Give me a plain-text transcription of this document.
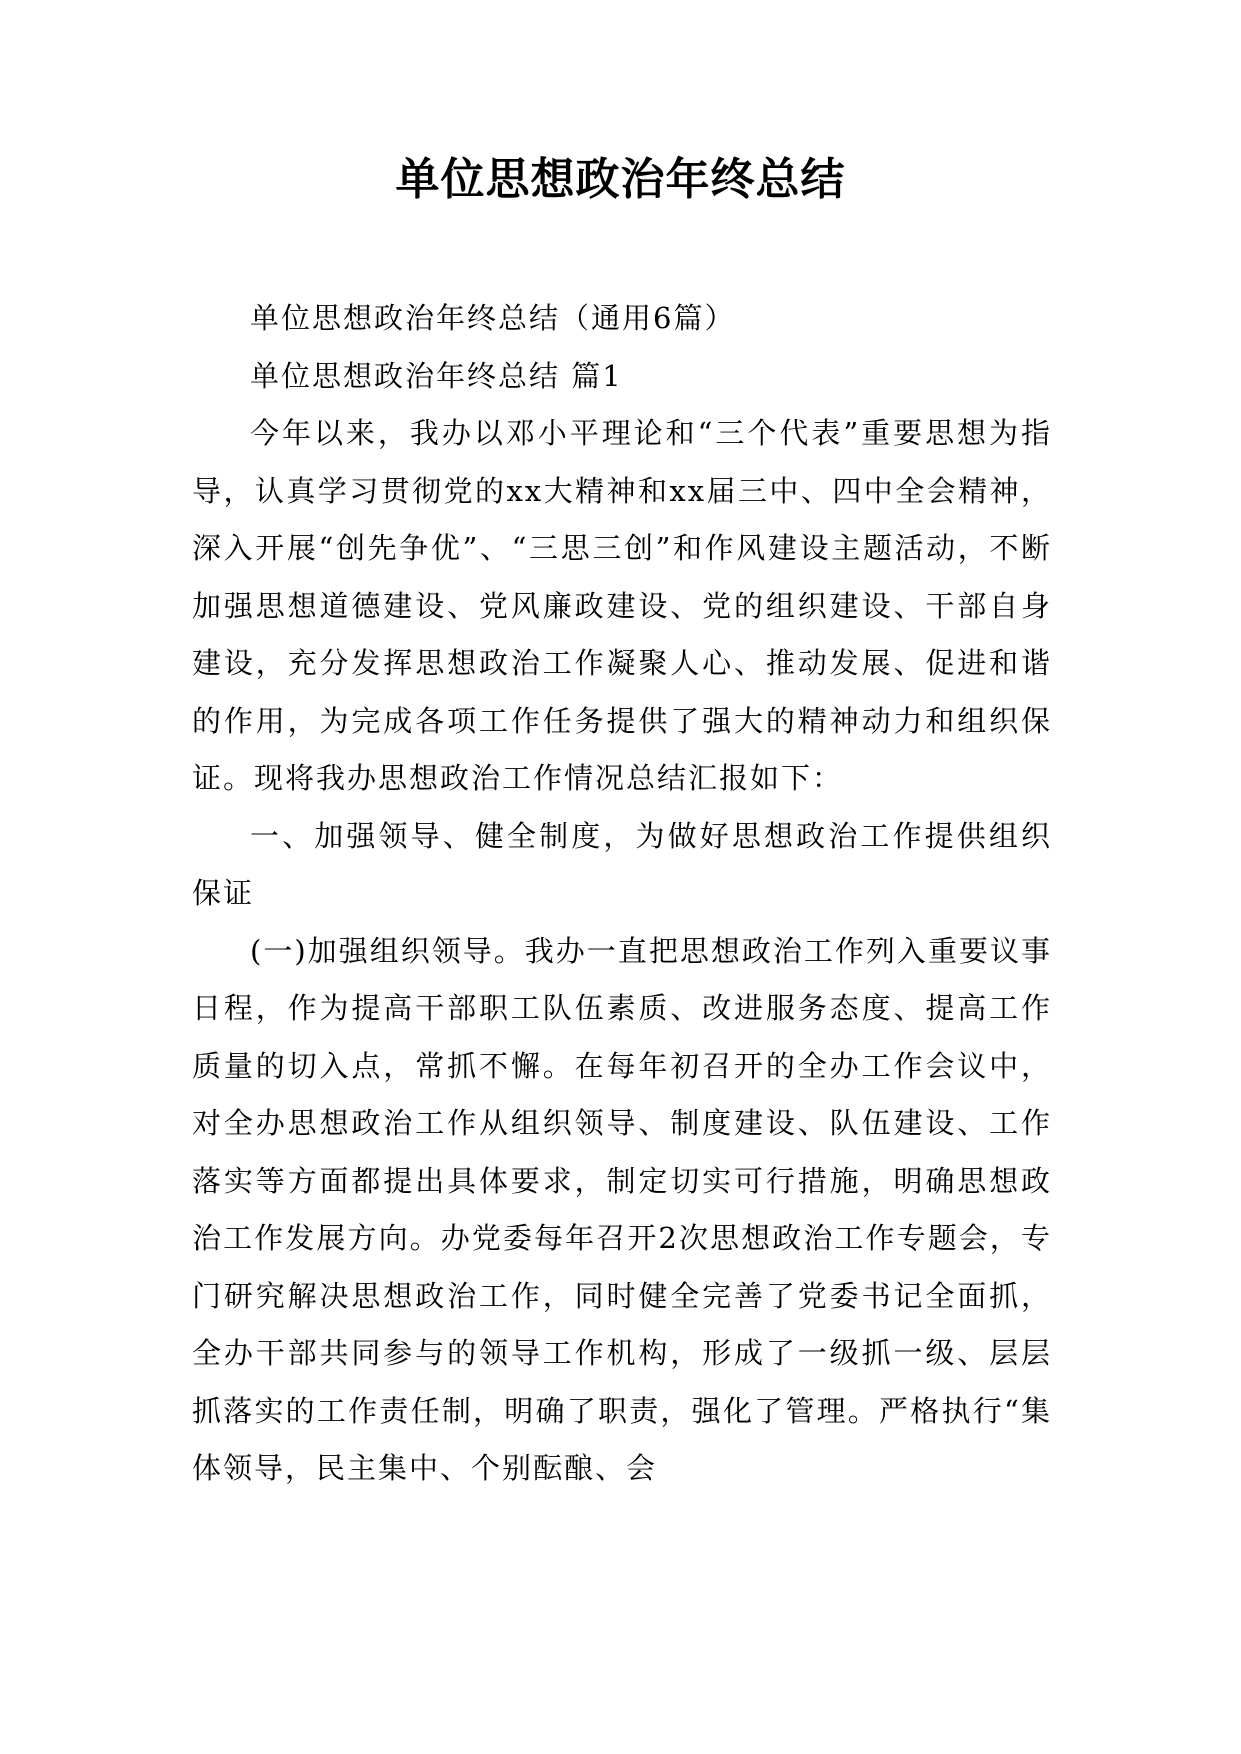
单位思想政治年终总结

单位思想政治年终总结（通用6篇）

单位思想政治年终总结 篇1

今年以来，我办以邓小平理论和“三个代表”重要思想为指导，认真学习贯彻党的xx大精神和xx届三中、四中全会精神，深入开展“创先争优”、“三思三创”和作风建设主题活动，不断加强思想道德建设、党风廉政建设、党的组织建设、干部自身建设，充分发挥思想政治工作凝聚人心、推动发展、促进和谐的作用，为完成各项工作任务提供了强大的精神动力和组织保证。现将我办思想政治工作情况总结汇报如下：

一、加强领导、健全制度，为做好思想政治工作提供组织保证

(一)加强组织领导。我办一直把思想政治工作列入重要议事日程，作为提高干部职工队伍素质、改进服务态度、提高工作质量的切入点，常抓不懈。在每年初召开的全办工作会议中，对全办思想政治工作从组织领导、制度建设、队伍建设、工作落实等方面都提出具体要求，制定切实可行措施，明确思想政治工作发展方向。办党委每年召开2次思想政治工作专题会，专门研究解决思想政治工作，同时健全完善了党委书记全面抓，全办干部共同参与的领导工作机构，形成了一级抓一级、层层抓落实的工作责任制，明确了职责，强化了管理。严格执行“集体领导，民主集中、个别酝酿、会
